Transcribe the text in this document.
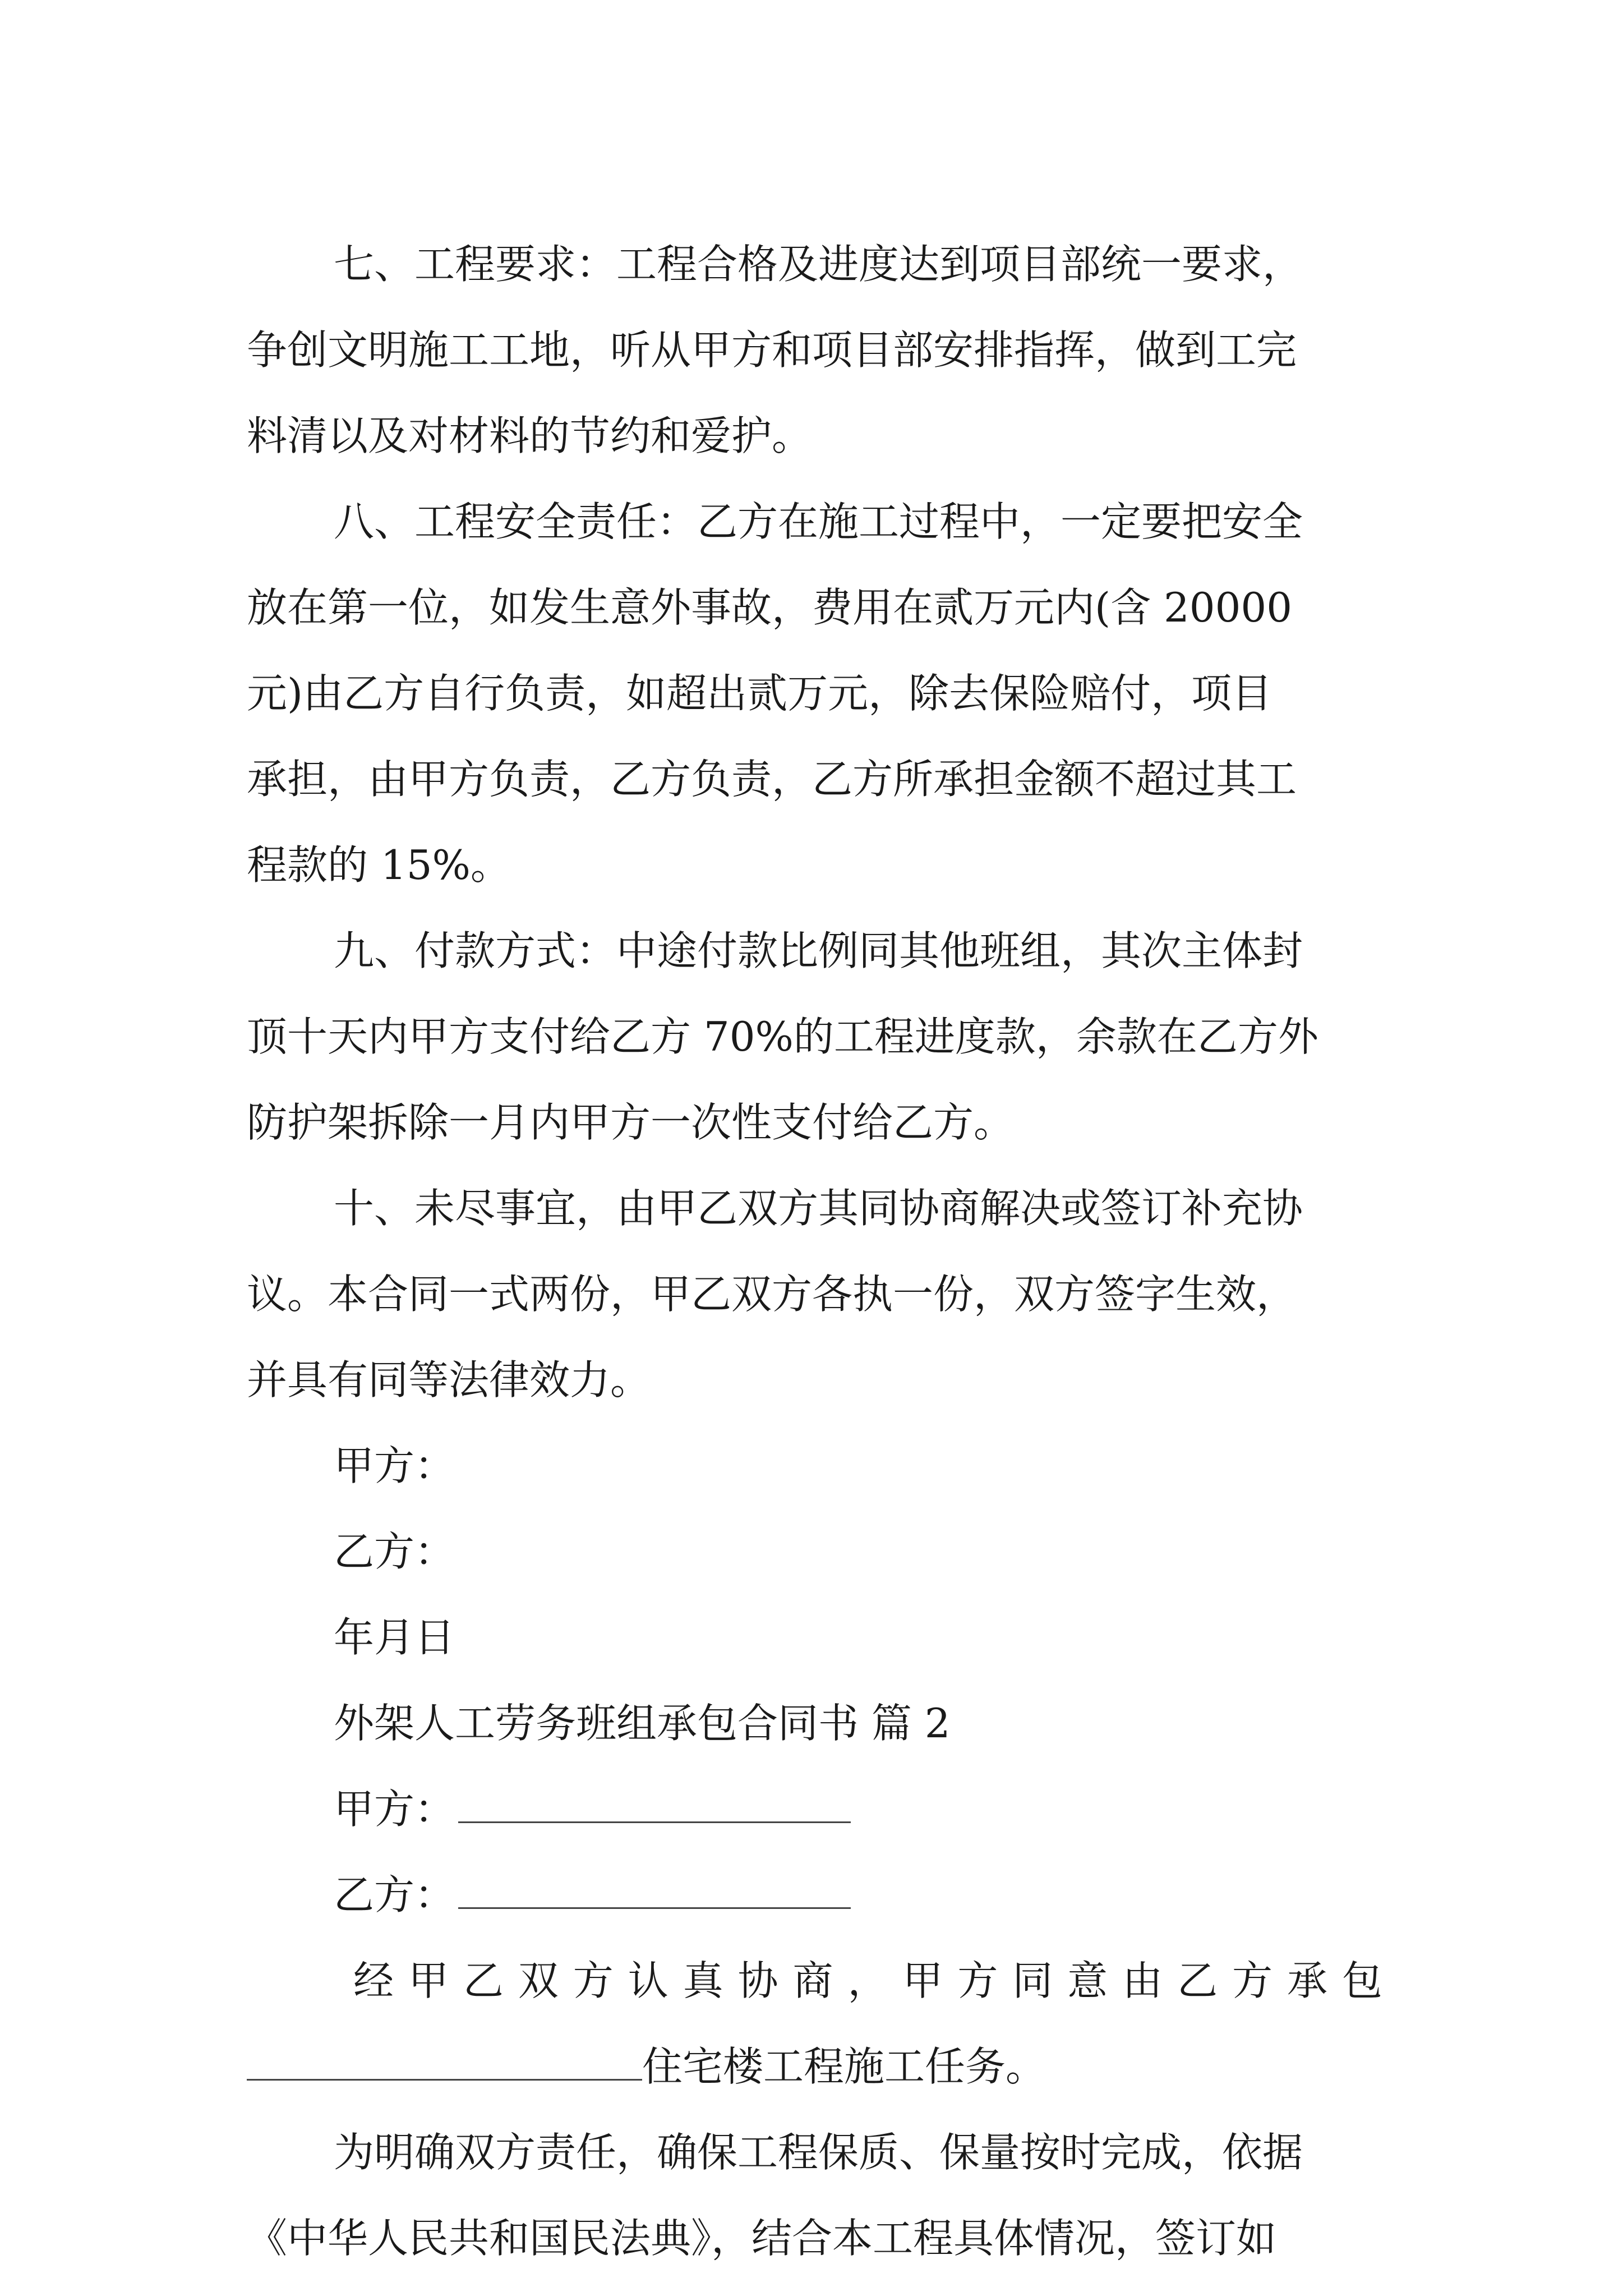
七、工程要求：工程合格及进度达到项目部统一要求，
争创文明施工工地，听从甲方和项目部安排指挥，做到工完
料清以及对材料的节约和爱护。
八、工程安全责任：乙方在施工过程中，一定要把安全
放在第一位，如发生意外事故，费用在贰万元内(含 20000
元)由乙方自行负责，如超出贰万元，除去保险赔付，项目
承担，由甲方负责，乙方负责，乙方所承担金额不超过其工
程款的 15%。
九、付款方式：中途付款比例同其他班组，其次主体封
顶十天内甲方支付给乙方 70%的工程进度款，余款在乙方外
防护架拆除一月内甲方一次性支付给乙方。
十、未尽事宜，由甲乙双方其同协商解决或签订补充协
议。本合同一式两份，甲乙双方各执一份，双方签字生效，
并具有同等法律效力。
甲方：
乙方：
年月日
外架人工劳务班组承包合同书 篇 2
甲方：
乙方：
经 甲 乙 双 方 认 真 协 商 ， 甲 方 同 意 由 乙 方 承 包
住宅楼工程施工任务。
为明确双方责任，确保工程保质、保量按时完成，依据
《中华人民共和国民法典》，结合本工程具体情况，签订如
